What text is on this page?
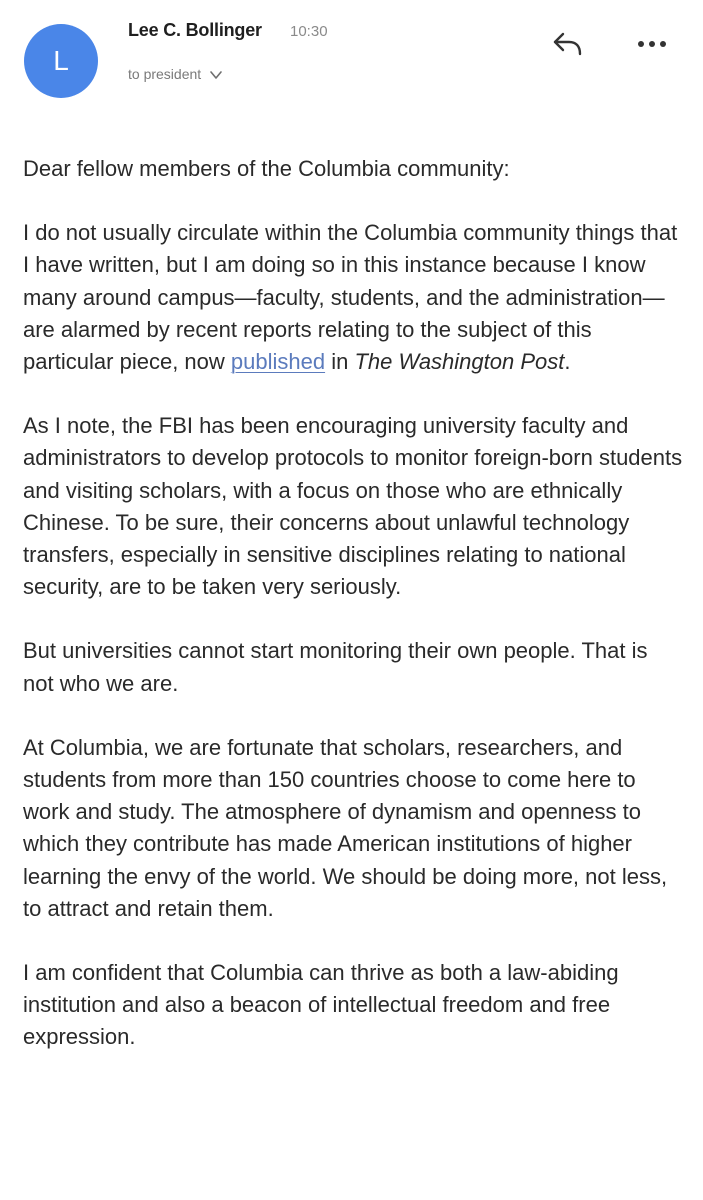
L
Lee C. Bollinger 10:30
to president

Dear fellow members of the Columbia community:

I do not usually circulate within the Columbia community things that I have written, but I am doing so in this instance because I know many around campus—faculty, students, and the administration—are alarmed by recent reports relating to the subject of this particular piece, now published in The Washington Post.

As I note, the FBI has been encouraging university faculty and administrators to develop protocols to monitor foreign-born students and visiting scholars, with a focus on those who are ethnically Chinese. To be sure, their concerns about unlawful technology transfers, especially in sensitive disciplines relating to national security, are to be taken very seriously.

But universities cannot start monitoring their own people. That is not who we are.

At Columbia, we are fortunate that scholars, researchers, and students from more than 150 countries choose to come here to work and study. The atmosphere of dynamism and openness to which they contribute has made American institutions of higher learning the envy of the world. We should be doing more, not less, to attract and retain them.

I am confident that Columbia can thrive as both a law-abiding institution and also a beacon of intellectual freedom and free expression.
